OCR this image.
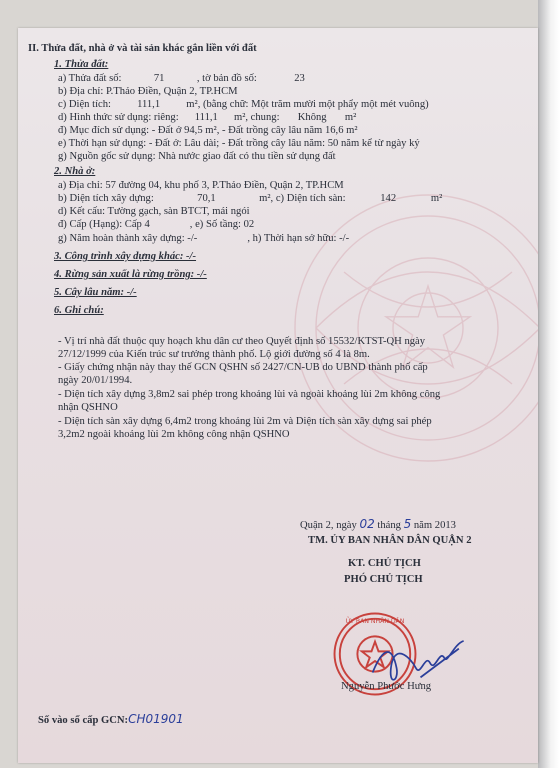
II. Thửa đất, nhà ở và tài sản khác gắn liền với đất
1. Thửa đất:
a) Thửa đất số:	71	, tờ bản đồ số:	23
b) Địa chỉ: P.Thảo Điền, Quận 2, TP.HCM
c) Diện tích: 111,1 m², (bằng chữ: Một trăm mười một phẩy một mét vuông)
d) Hình thức sử dụng: riêng: 111,1 m², chung: Không m²
đ) Mục đích sử dụng: - Đất ở 94,5 m², - Đất trồng cây lâu năm 16,6 m²
e) Thời hạn sử dụng: - Đất ở: Lâu dài; - Đất trồng cây lâu năm: 50 năm kể từ ngày ký
g) Nguồn gốc sử dụng: Nhà nước giao đất có thu tiền sử dụng đất
2. Nhà ở:
a) Địa chỉ: 57 đường 04, khu phố 3, P.Thảo Điền, Quận 2, TP.HCM
b) Diện tích xây dựng:	70,1	m², c) Diện tích sàn:	142	m²
d) Kết cấu: Tường gạch, sàn BTCT, mái ngói
đ) Cấp (Hạng): Cấp 4	, e) Số tầng: 02
g) Năm hoàn thành xây dựng: -/-	, h) Thời hạn sở hữu: -/-
3. Công trình xây dựng khác: -/-
4. Rừng sản xuất là rừng trồng: -/-
5. Cây lâu năm: -/-
6. Ghi chú:
- Vị trí nhà đất thuộc quy hoạch khu dân cư theo Quyết định số 15532/KTST-QH ngày
27/12/1999 của Kiến trúc sư trưởng thành phố. Lộ giới đường số 4 là 8m.
- Giấy chứng nhận này thay thế GCN QSHN số 2427/CN-UB do UBND thành phố cấp
ngày 20/01/1994.
- Diện tích xây dựng 3,8m2 sai phép trong khoảng lùi và ngoài khoảng lùi 2m không công
nhận QSHNO
- Diện tích sàn xây dựng 6,4m2 trong khoảng lùi 2m và Diện tích sàn xây dựng sai phép
3,2m2 ngoài khoảng lùi 2m không công nhận QSHNO
Quận 2, ngày 02 tháng 5 năm 2013
TM. ỦY BAN NHÂN DÂN QUẬN 2
KT. CHỦ TỊCH
PHÓ CHỦ TỊCH
ỦY BAN NHÂN DÂN
Nguyễn Phước Hưng
Số vào sổ cấp GCN:CH01901
